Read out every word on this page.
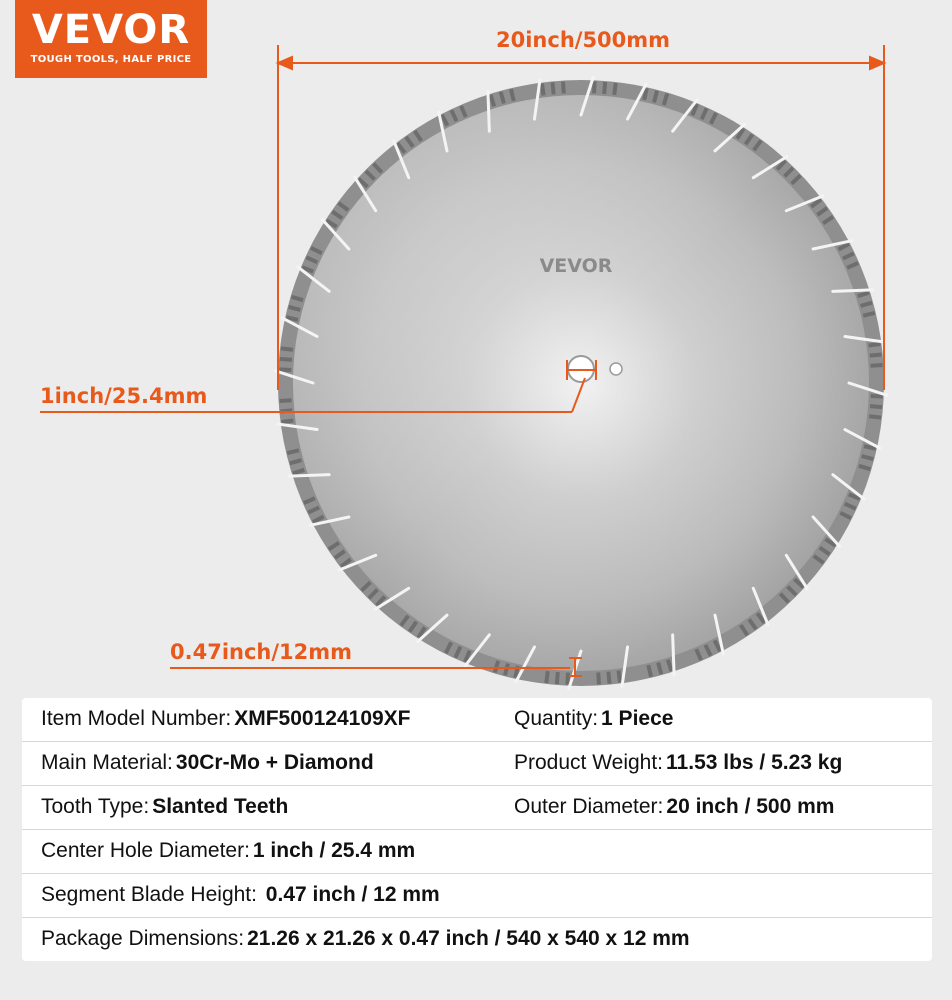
VEVOR
TOUGH TOOLS, HALF PRICE
VEVOR
20inch/500mm
1inch/25.4mm
0.47inch/12mm
Item Model Number: XMF500124109XF	Quantity: 1 Piece
Main Material: 30Cr-Mo + Diamond	Product Weight: 11.53 lbs / 5.23 kg
Tooth Type: Slanted Teeth	Outer Diameter: 20 inch / 500 mm
Center Hole Diameter: 1 inch / 25.4 mm
Segment Blade Height: 0.47 inch / 12 mm
Package Dimensions: 21.26 x 21.26 x 0.47 inch / 540 x 540 x 12 mm
